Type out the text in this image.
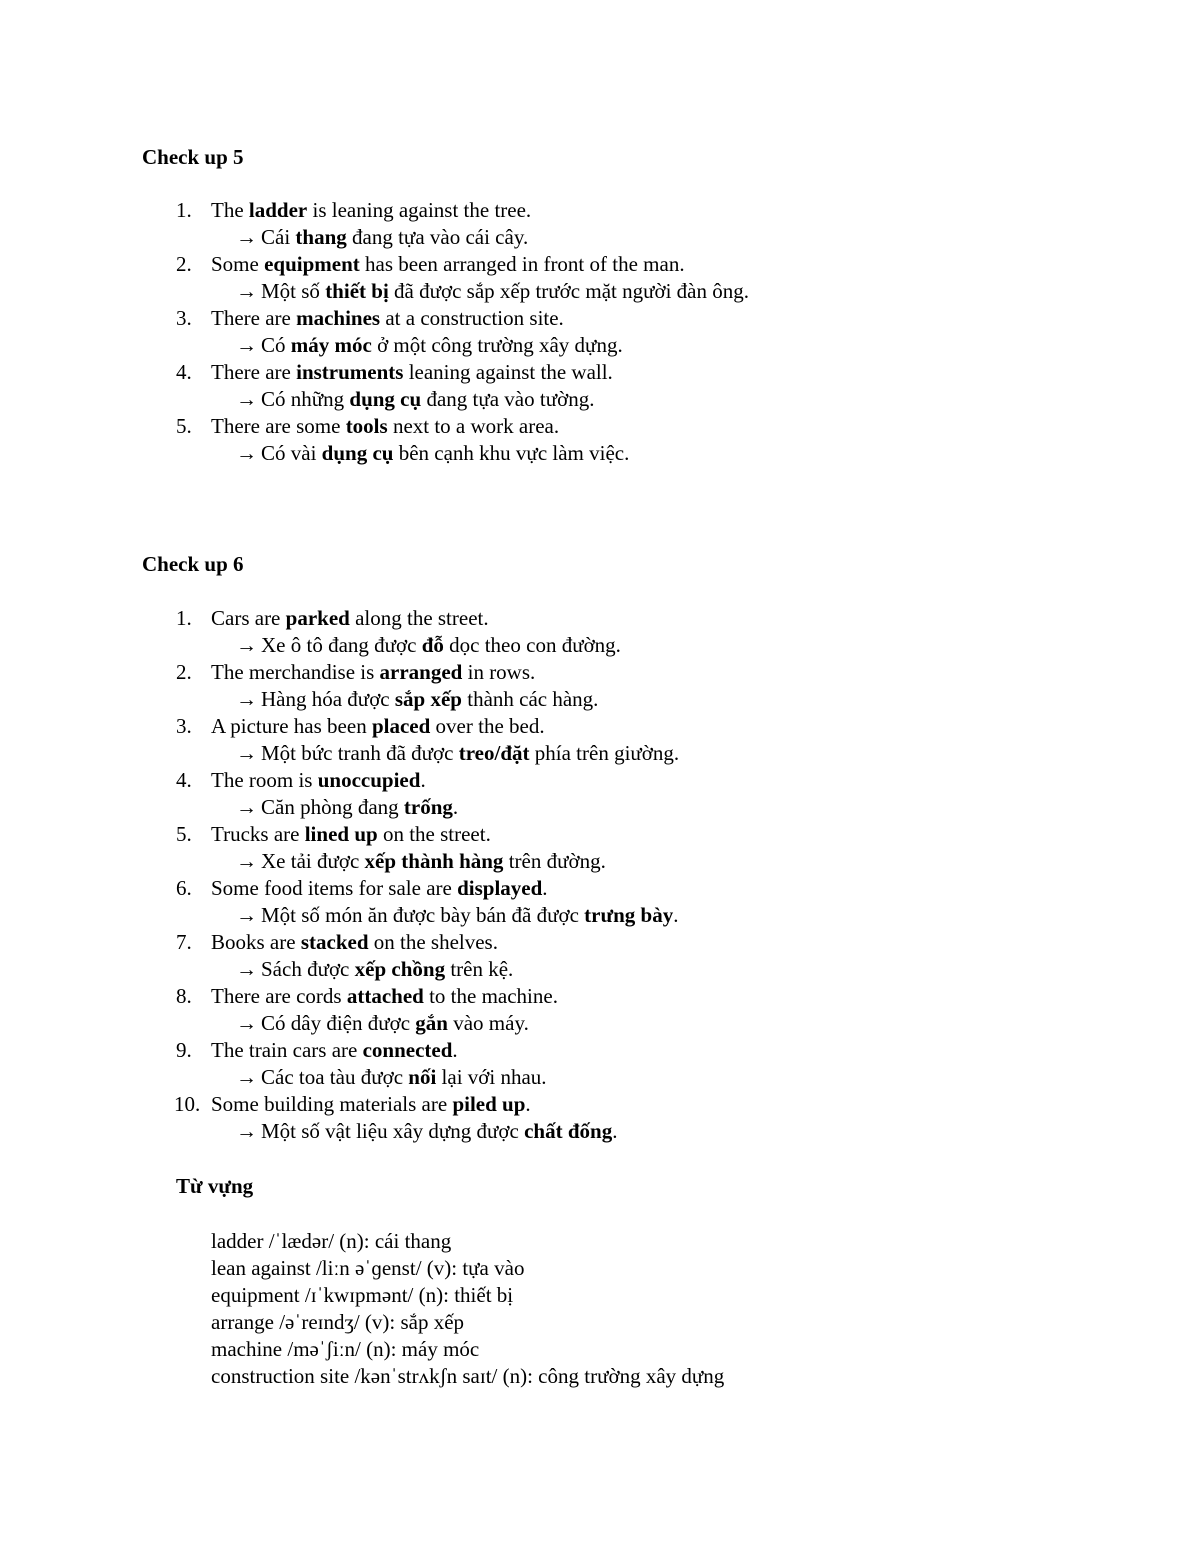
Check up 5
1. The ladder is leaning against the tree.
→ Cái thang đang tựa vào cái cây.
2. Some equipment has been arranged in front of the man.
→ Một số thiết bị đã được sắp xếp trước mặt người đàn ông.
3. There are machines at a construction site.
→ Có máy móc ở một công trường xây dựng.
4. There are instruments leaning against the wall.
→ Có những dụng cụ đang tựa vào tường.
5. There are some tools next to a work area.
→ Có vài dụng cụ bên cạnh khu vực làm việc.
Check up 6
1. Cars are parked along the street.
→ Xe ô tô đang được đỗ dọc theo con đường.
2. The merchandise is arranged in rows.
→ Hàng hóa được sắp xếp thành các hàng.
3. A picture has been placed over the bed.
→ Một bức tranh đã được treo/đặt phía trên giường.
4. The room is unoccupied.
→ Căn phòng đang trống.
5. Trucks are lined up on the street.
→ Xe tải được xếp thành hàng trên đường.
6. Some food items for sale are displayed.
→ Một số món ăn được bày bán đã được trưng bày.
7. Books are stacked on the shelves.
→ Sách được xếp chồng trên kệ.
8. There are cords attached to the machine.
→ Có dây điện được gắn vào máy.
9. The train cars are connected.
→ Các toa tàu được nối lại với nhau.
10. Some building materials are piled up.
→ Một số vật liệu xây dựng được chất đống.
Từ vựng
ladder /ˈlædər/ (n): cái thang
lean against /liːn əˈɡenst/ (v): tựa vào
equipment /ɪˈkwɪpmənt/ (n): thiết bị
arrange /əˈreɪndʒ/ (v): sắp xếp
machine /məˈʃiːn/ (n): máy móc
construction site /kənˈstrʌkʃn saɪt/ (n): công trường xây dựng
